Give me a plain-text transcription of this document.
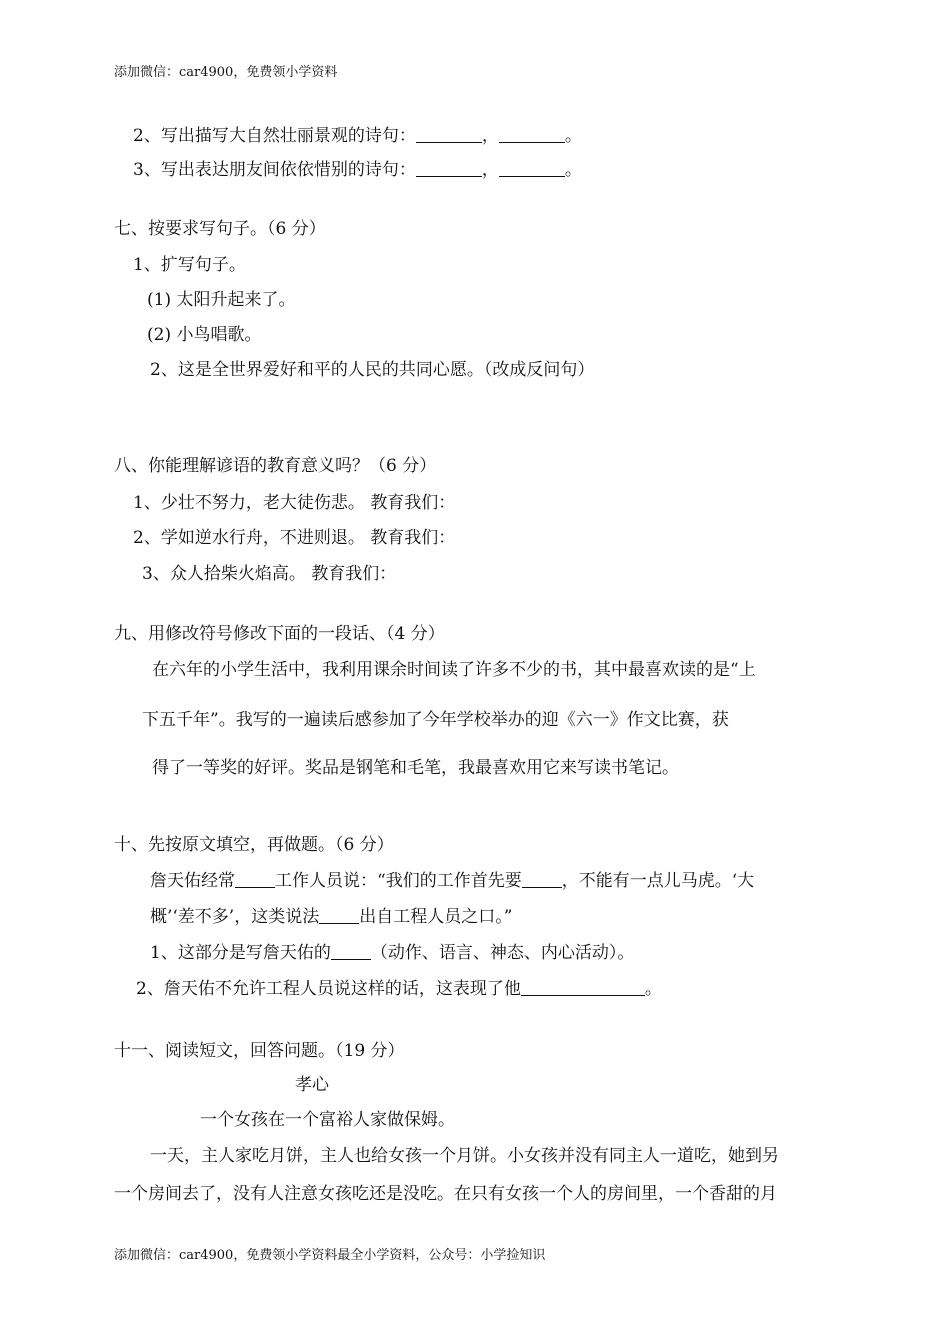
添加微信：car4900，免费领小学资料
2、写出描写大自然壮丽景观的诗句：	，	。
3、写出表达朋友间依依惜别的诗句：	，	。
七、按要求写句子。（6 分）
1、扩写句子。
(1) 太阳升起来了。
(2) 小鸟唱歌。
2、这是全世界爱好和平的人民的共同心愿。（改成反问句）
八、你能理解谚语的教育意义吗？（6 分）
1、少壮不努力，老大徒伤悲。 教育我们：
2、学如逆水行舟，不进则退。 教育我们：
3、众人拾柴火焰高。 教育我们：
九、用修改符号修改下面的一段话、（4 分）
在六年的小学生活中，我利用课余时间读了许多不少的书，其中最喜欢读的是“上
下五千年”。我写的一遍读后感参加了今年学校举办的迎《六一》作文比赛，获
得了一等奖的好评。奖品是钢笔和毛笔，我最喜欢用它来写读书笔记。
十、先按原文填空，再做题。（6 分）
詹天佑经常 工作人员说：“我们的工作首先要 ，不能有一点儿马虎。‘大
概’‘差不多’，这类说法 出自工程人员之口。”
1、这部分是写詹天佑的 （动作、语言、神态、内心活动）。
2、詹天佑不允许工程人员说这样的话，这表现了他	。
十一、阅读短文，回答问题。（19 分）
孝心
一个女孩在一个富裕人家做保姆。
一天，主人家吃月饼，主人也给女孩一个月饼。小女孩并没有同主人一道吃，她到另
一个房间去了，没有人注意女孩吃还是没吃。在只有女孩一个人的房间里，一个香甜的月
添加微信：car4900，免费领小学资料最全小学资料，公众号：小学捡知识
